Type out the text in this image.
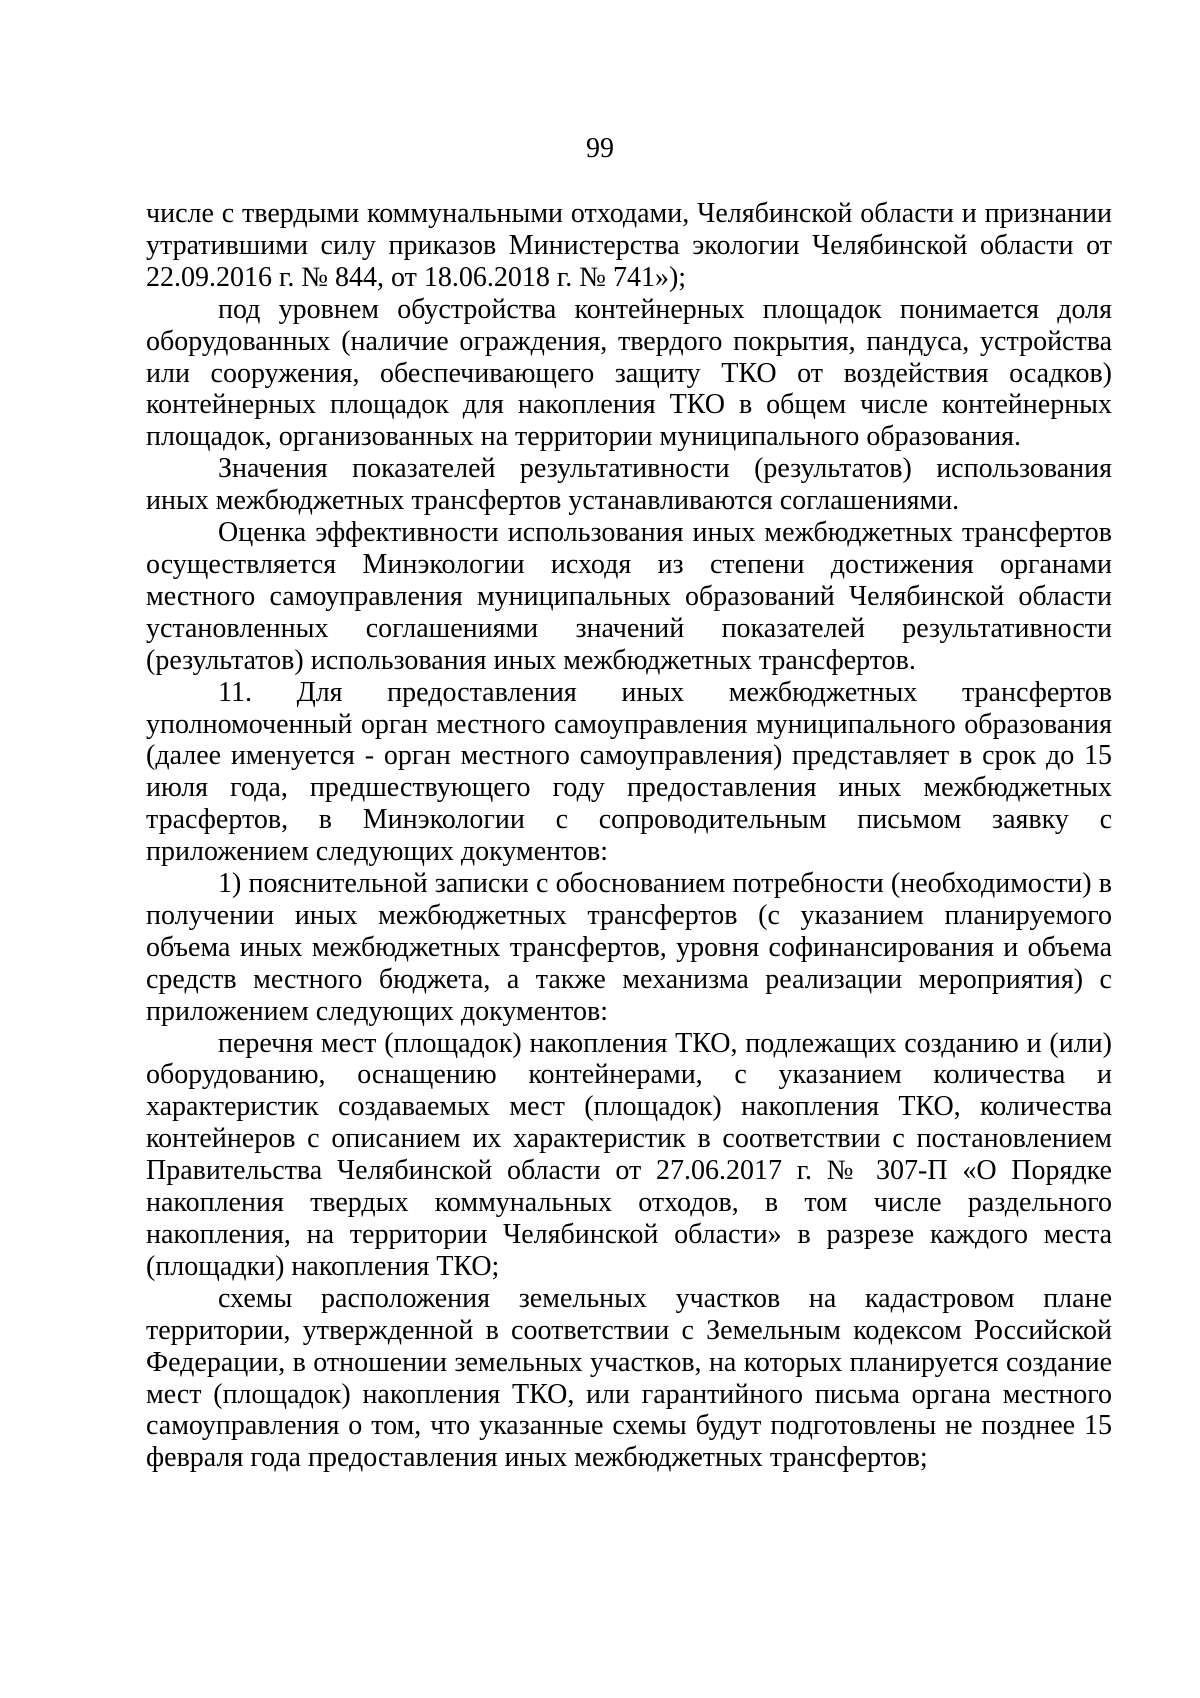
99

числе с твердыми коммунальными отходами, Челябинской области и признании утратившими силу приказов Министерства экологии Челябинской области от 22.09.2016 г. № 844, от 18.06.2018 г. № 741»);

под уровнем обустройства контейнерных площадок понимается доля оборудованных (наличие ограждения, твердого покрытия, пандуса, устройства или сооружения, обеспечивающего защиту ТКО от воздействия осадков) контейнерных площадок для накопления ТКО в общем числе контейнерных площадок, организованных на территории муниципального образования.

Значения показателей результативности (результатов) использования иных межбюджетных трансфертов устанавливаются соглашениями.

Оценка эффективности использования иных межбюджетных трансфертов осуществляется Минэкологии исходя из степени достижения органами местного самоуправления муниципальных образований Челябинской области установленных соглашениями значений показателей результативности (результатов) использования иных межбюджетных трансфертов.

11. Для предоставления иных межбюджетных трансфертов уполномоченный орган местного самоуправления муниципального образования (далее именуется - орган местного самоуправления) представляет в срок до 15 июля года, предшествующего году предоставления иных межбюджетных трасфертов, в Минэкологии с сопроводительным письмом заявку с приложением следующих документов:

1) пояснительной записки с обоснованием потребности (необходимости) в получении иных межбюджетных трансфертов (с указанием планируемого объема иных межбюджетных трансфертов, уровня софинансирования и объема средств местного бюджета, а также механизма реализации мероприятия) с приложением следующих документов:

перечня мест (площадок) накопления ТКО, подлежащих созданию и (или) оборудованию, оснащению контейнерами, с указанием количества и характеристик создаваемых мест (площадок) накопления ТКО, количества контейнеров с описанием их характеристик в соответствии с постановлением Правительства Челябинской области от 27.06.2017 г. № 307-П «О Порядке накопления твердых коммунальных отходов, в том числе раздельного накопления, на территории Челябинской области» в разрезе каждого места (площадки) накопления ТКО;

схемы расположения земельных участков на кадастровом плане территории, утвержденной в соответствии с Земельным кодексом Российской Федерации, в отношении земельных участков, на которых планируется создание мест (площадок) накопления ТКО, или гарантийного письма органа местного самоуправления о том, что указанные схемы будут подготовлены не позднее 15 февраля года предоставления иных межбюджетных трансфертов;
